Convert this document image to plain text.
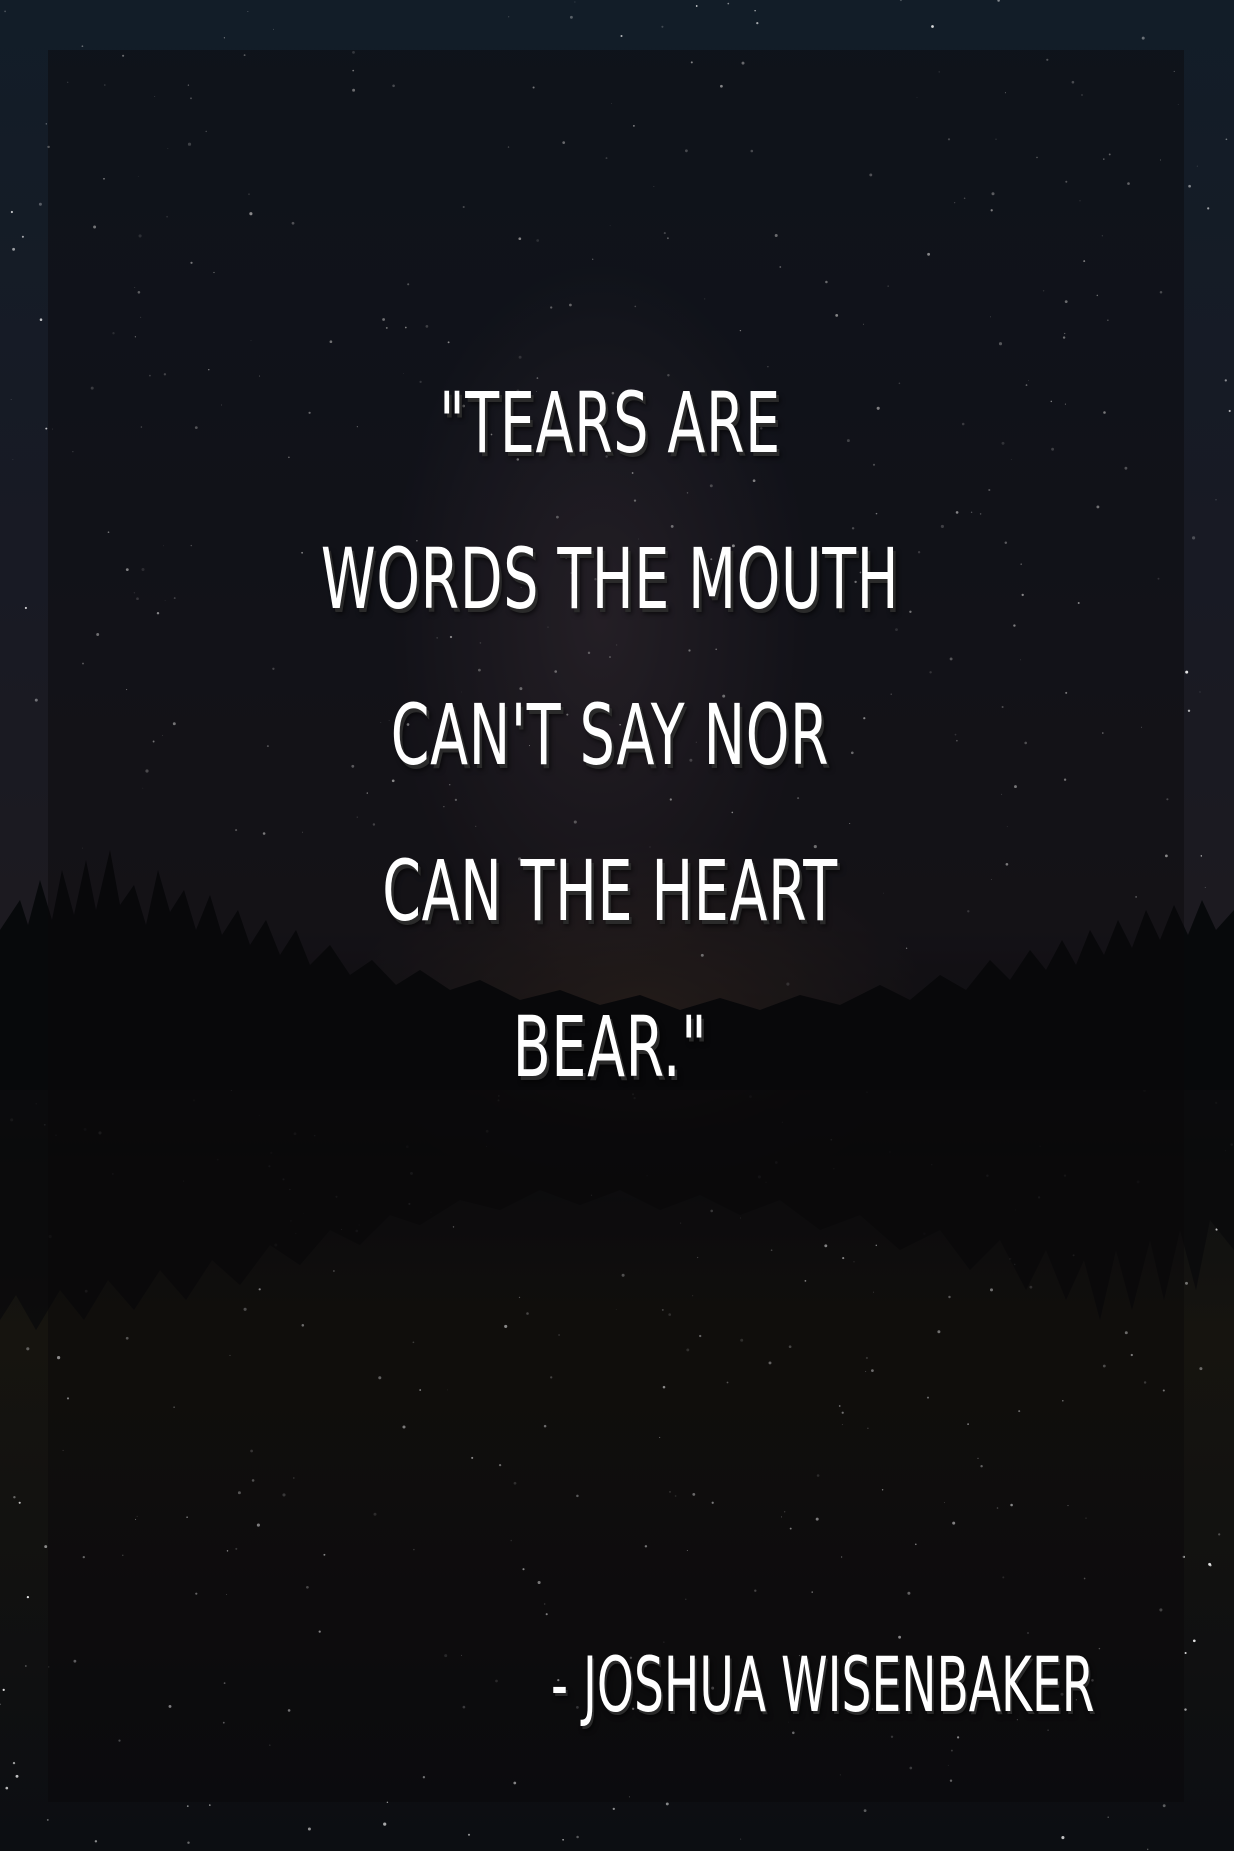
"TEARS ARE
WORDS THE MOUTH
CAN'T SAY NOR
CAN THE HEART
BEAR."

- JOSHUA WISENBAKER
